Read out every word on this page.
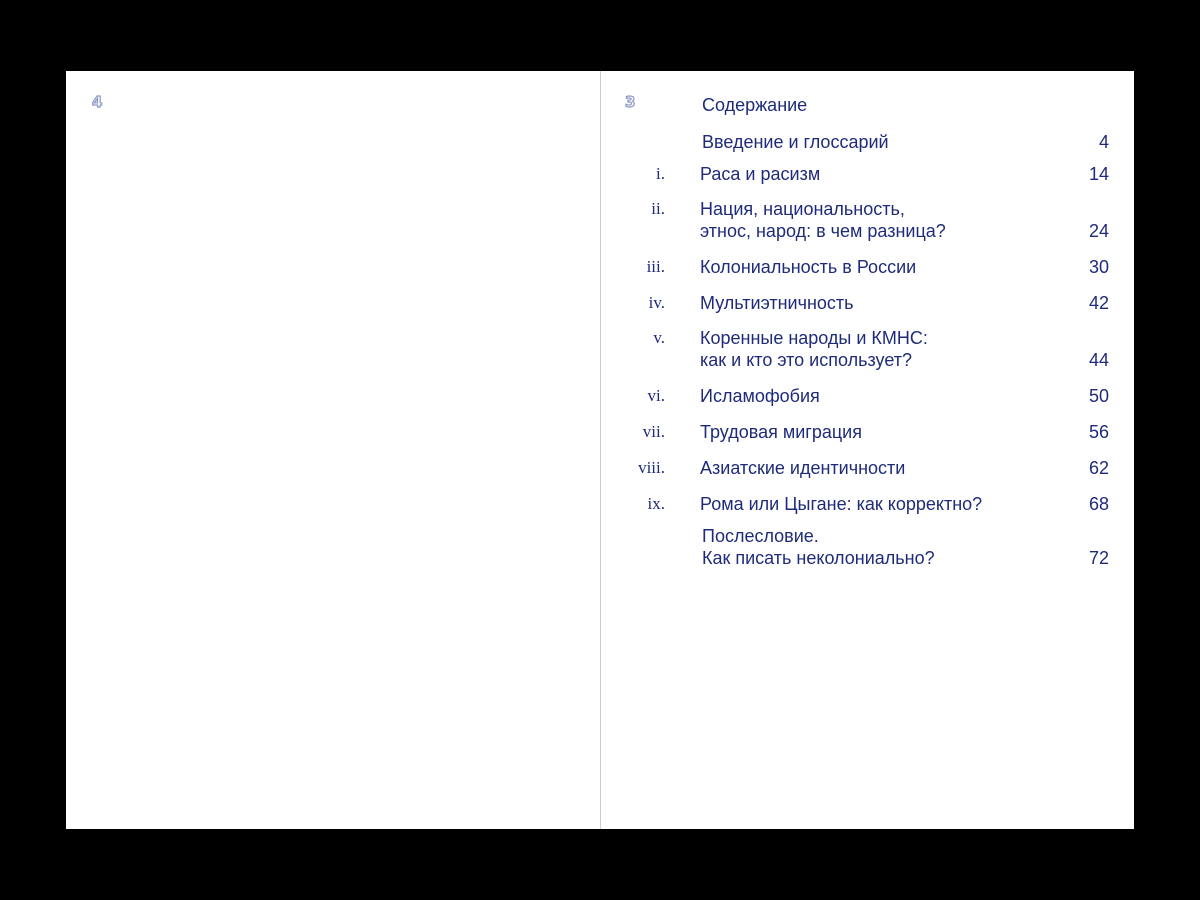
4	3	Содержание
Введение и глоссарий	4
i. Раса и расизм	14
ii. Нация, национальность,
этнос, народ: в чем разница?	24
iii. Колониальность в России	30
iv. Мультиэтничность	42
v. Коренные народы и КМНС:
как и кто это использует?	44
vi. Исламофобия	50
vii. Трудовая миграция	56
viii. Азиатские идентичности	62
ix. Рома или Цыгане: как корректно?	68
Послесловие.
Как писать неколониально?	72
